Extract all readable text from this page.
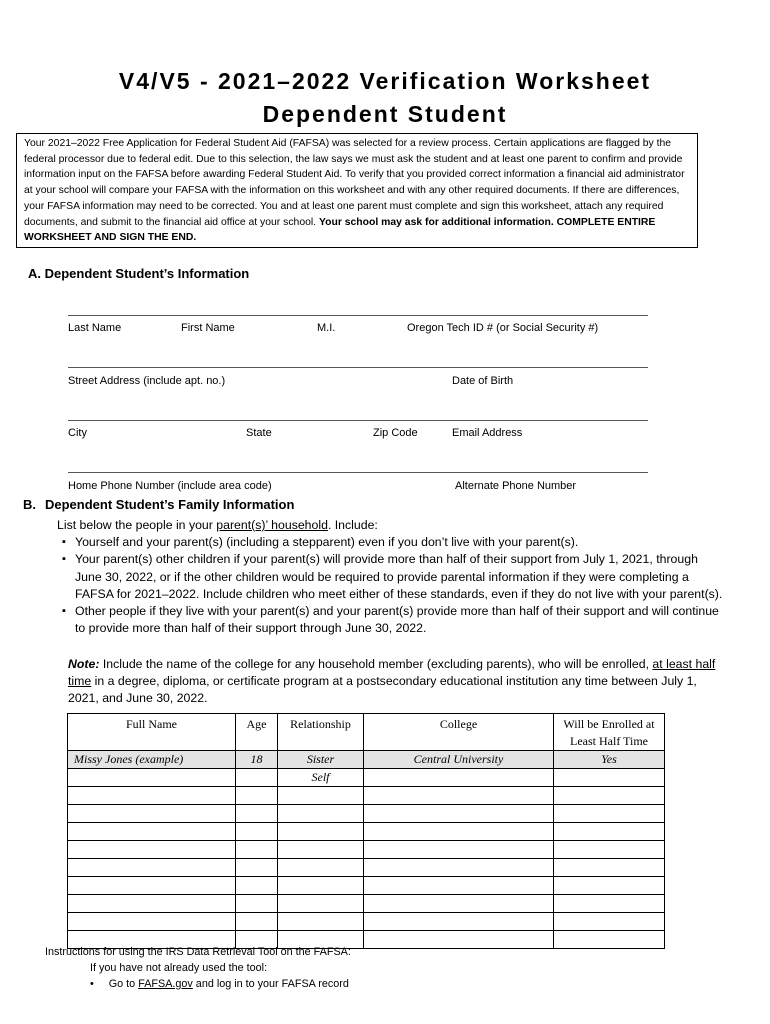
V4/V5 - 2021–2022 Verification Worksheet
Dependent Student
Your 2021–2022 Free Application for Federal Student Aid (FAFSA) was selected for a review process. Certain applications are flagged by the federal processor due to federal edit. Due to this selection, the law says we must ask the student and at least one parent to confirm and provide information input on the FAFSA before awarding Federal Student Aid. To verify that you provided correct information a financial aid administrator at your school will compare your FAFSA with the information on this worksheet and with any other required documents. If there are differences, your FAFSA information may need to be corrected. You and at least one parent must complete and sign this worksheet, attach any required documents, and submit to the financial aid office at your school. Your school may ask for additional information. COMPLETE ENTIRE WORKSHEET AND SIGN THE END.
A. Dependent Student’s Information
Last Name	First Name	M.I.	Oregon Tech ID # (or Social Security #)
Street Address (include apt. no.)	Date of Birth
City	State	Zip Code	Email Address
Home Phone Number (include area code)	Alternate Phone Number
B. Dependent Student’s Family Information
List below the people in your parent(s)’ household. Include:
▪ Yourself and your parent(s) (including a stepparent) even if you don’t live with your parent(s).
▪ Your parent(s) other children if your parent(s) will provide more than half of their support from July 1, 2021, through June 30, 2022, or if the other children would be required to provide parental information if they were completing a FAFSA for 2021–2022. Include children who meet either of these standards, even if they do not live with your parent(s).
▪ Other people if they live with your parent(s) and your parent(s) provide more than half of their support and will continue to provide more than half of their support through June 30, 2022.
Note: Include the name of the college for any household member (excluding parents), who will be enrolled, at least half time in a degree, diploma, or certificate program at a postsecondary educational institution any time between July 1, 2021, and June 30, 2022.
Full Name	Age	Relationship	College	Will be Enrolled at Least Half Time
Missy Jones (example)	18	Sister	Central University	Yes
		Self		

Instructions for using the IRS Data Retrieval Tool on the FAFSA:
If you have not already used the tool:
• Go to FAFSA.gov and log in to your FAFSA record
